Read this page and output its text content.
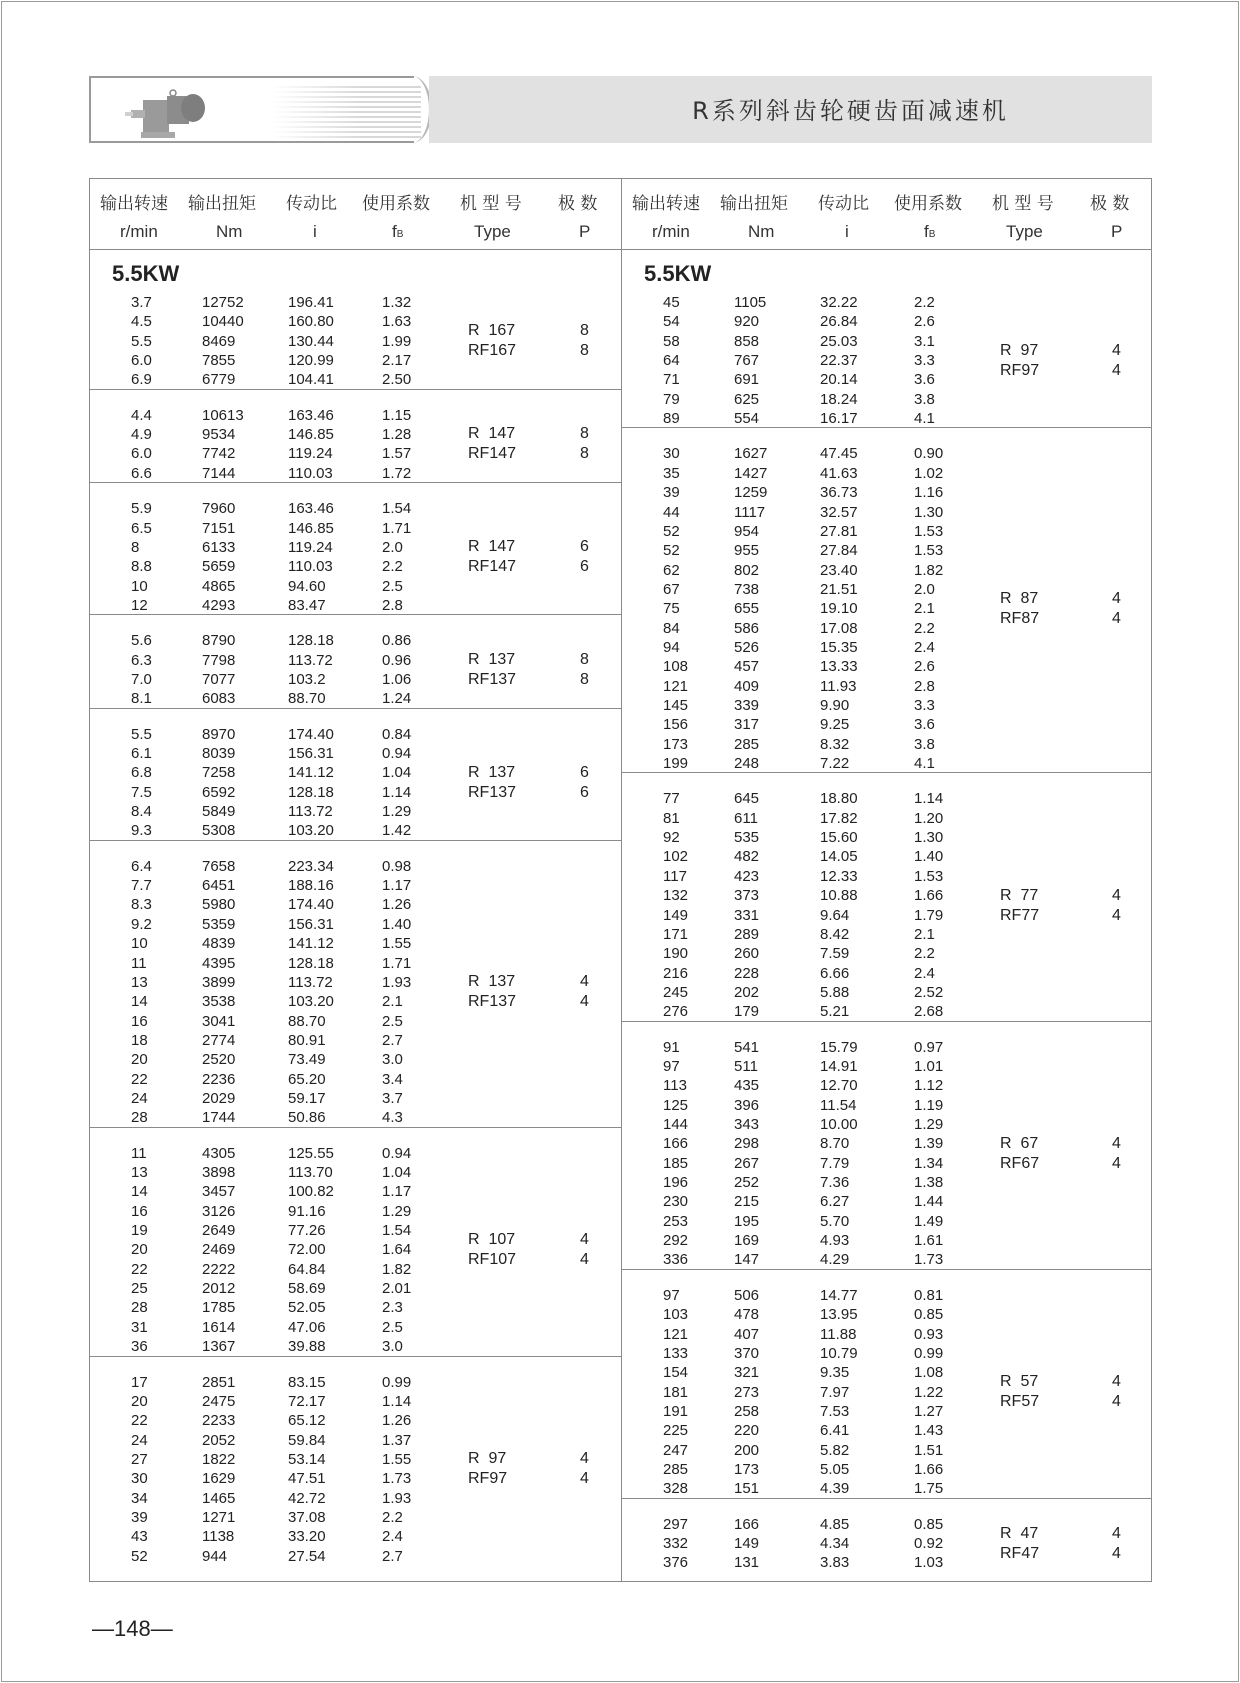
R系列斜齿轮硬齿面减速机
输出转速 输出扭矩 传动比 使用系数 机 型 号 极 数
r/min	Nm	i	fB	Type	P
5.5KW
3.7	12752	196.41	1.32
4.5	10440	160.80	1.63
5.5	8469	130.44	1.99
6.0	7855	120.99	2.17
6.9	6779	104.41	2.50
R  167	8
RF167	8
4.4	10613	163.46	1.15
4.9	9534	146.85	1.28
6.0	7742	119.24	1.57
6.6	7144	110.03	1.72
R  147	8
RF147	8
5.9	7960	163.46	1.54
6.5	7151	146.85	1.71
8	6133	119.24	2.0
8.8	5659	110.03	2.2
10	4865	94.60	2.5
12	4293	83.47	2.8
R  147	6
RF147	6
5.6	8790	128.18	0.86
6.3	7798	113.72	0.96
7.0	7077	103.2	1.06
8.1	6083	88.70	1.24
R  137	8
RF137	8
5.5	8970	174.40	0.84
6.1	8039	156.31	0.94
6.8	7258	141.12	1.04
7.5	6592	128.18	1.14
8.4	5849	113.72	1.29
9.3	5308	103.20	1.42
R  137	6
RF137	6
6.4	7658	223.34	0.98
7.7	6451	188.16	1.17
8.3	5980	174.40	1.26
9.2	5359	156.31	1.40
10	4839	141.12	1.55
11	4395	128.18	1.71
13	3899	113.72	1.93
14	3538	103.20	2.1
16	3041	88.70	2.5
18	2774	80.91	2.7
20	2520	73.49	3.0
22	2236	65.20	3.4
24	2029	59.17	3.7
28	1744	50.86	4.3
R  137	4
RF137	4
11	4305	125.55	0.94
13	3898	113.70	1.04
14	3457	100.82	1.17
16	3126	91.16	1.29
19	2649	77.26	1.54
20	2469	72.00	1.64
22	2222	64.84	1.82
25	2012	58.69	2.01
28	1785	52.05	2.3
31	1614	47.06	2.5
36	1367	39.88	3.0
R  107	4
RF107	4
17	2851	83.15	0.99
20	2475	72.17	1.14
22	2233	65.12	1.26
24	2052	59.84	1.37
27	1822	53.14	1.55
30	1629	47.51	1.73
34	1465	42.72	1.93
39	1271	37.08	2.2
43	1138	33.20	2.4
52	944	27.54	2.7
R  97	4
RF97	4
输出转速 输出扭矩 传动比 使用系数 机 型 号 极 数
r/min	Nm	i	fB	Type	P
5.5KW
45	1105	32.22	2.2
54	920	26.84	2.6
58	858	25.03	3.1
64	767	22.37	3.3
71	691	20.14	3.6
79	625	18.24	3.8
89	554	16.17	4.1
R  97	4
RF97	4
30	1627	47.45	0.90
35	1427	41.63	1.02
39	1259	36.73	1.16
44	1117	32.57	1.30
52	954	27.81	1.53
52	955	27.84	1.53
62	802	23.40	1.82
67	738	21.51	2.0
75	655	19.10	2.1
84	586	17.08	2.2
94	526	15.35	2.4
108	457	13.33	2.6
121	409	11.93	2.8
145	339	9.90	3.3
156	317	9.25	3.6
173	285	8.32	3.8
199	248	7.22	4.1
R  87	4
RF87	4
77	645	18.80	1.14
81	611	17.82	1.20
92	535	15.60	1.30
102	482	14.05	1.40
117	423	12.33	1.53
132	373	10.88	1.66
149	331	9.64	1.79
171	289	8.42	2.1
190	260	7.59	2.2
216	228	6.66	2.4
245	202	5.88	2.52
276	179	5.21	2.68
R  77	4
RF77	4
91	541	15.79	0.97
97	511	14.91	1.01
113	435	12.70	1.12
125	396	11.54	1.19
144	343	10.00	1.29
166	298	8.70	1.39
185	267	7.79	1.34
196	252	7.36	1.38
230	215	6.27	1.44
253	195	5.70	1.49
292	169	4.93	1.61
336	147	4.29	1.73
R  67	4
RF67	4
97	506	14.77	0.81
103	478	13.95	0.85
121	407	11.88	0.93
133	370	10.79	0.99
154	321	9.35	1.08
181	273	7.97	1.22
191	258	7.53	1.27
225	220	6.41	1.43
247	200	5.82	1.51
285	173	5.05	1.66
328	151	4.39	1.75
R  57	4
RF57	4
297	166	4.85	0.85
332	149	4.34	0.92
376	131	3.83	1.03
R  47	4
RF47	4
—148—
